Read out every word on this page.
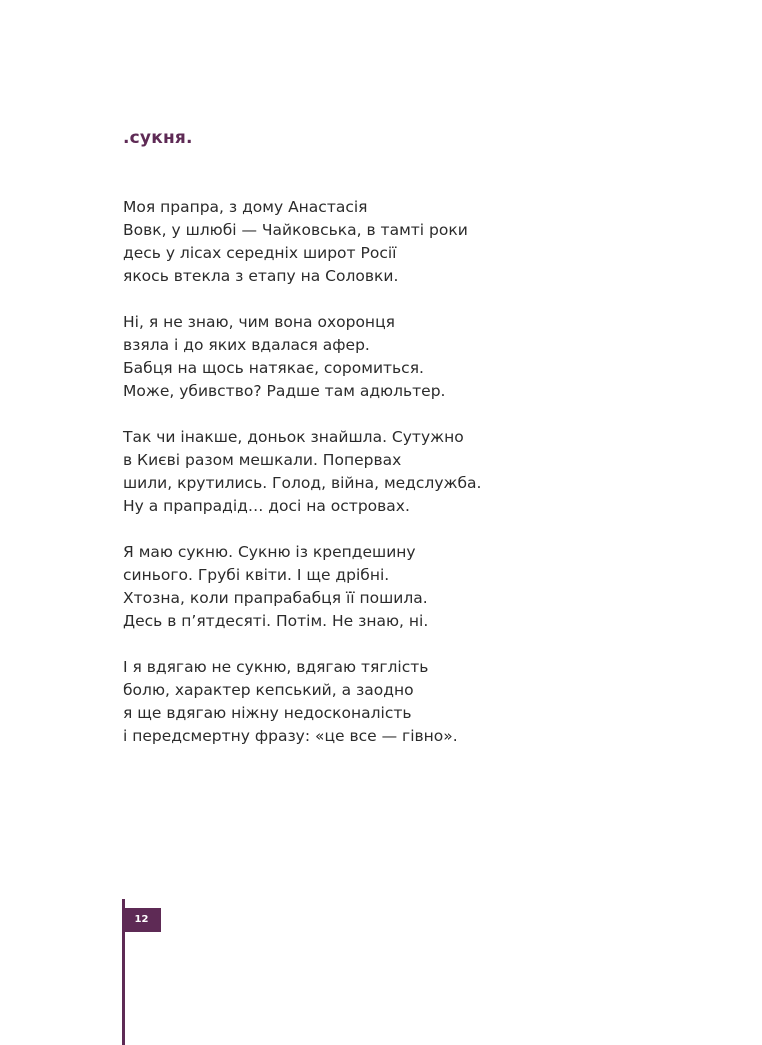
.сукня.
Моя прапра, з дому Анастасія
Вовк, у шлюбі — Чайковська, в тамті роки
десь у лісах середніх широт Росії
якось втекла з етапу на Соловки.
Ні, я не знаю, чим вона охоронця
взяла і до яких вдалася афер.
Бабця на щось натякає, соромиться.
Може, убивство? Радше там адюльтер.
Так чи інакше, доньок знайшла. Сутужно
в Києві разом мешкали. Попервах
шили, крутились. Голод, війна, медслужба.
Ну а прапрадід… досі на островах.
Я маю сукню. Сукню із крепдешину
синього. Грубі квіти. І ще дрібні.
Хтозна, коли прапрабабця її пошила.
Десь в п’ятдесяті. Потім. Не знаю, ні.
І я вдягаю не сукню, вдягаю тяглість
болю, характер кепський, а заодно
я ще вдягаю ніжну недосконалість
і передсмертну фразу: «це все — гівно».
12
